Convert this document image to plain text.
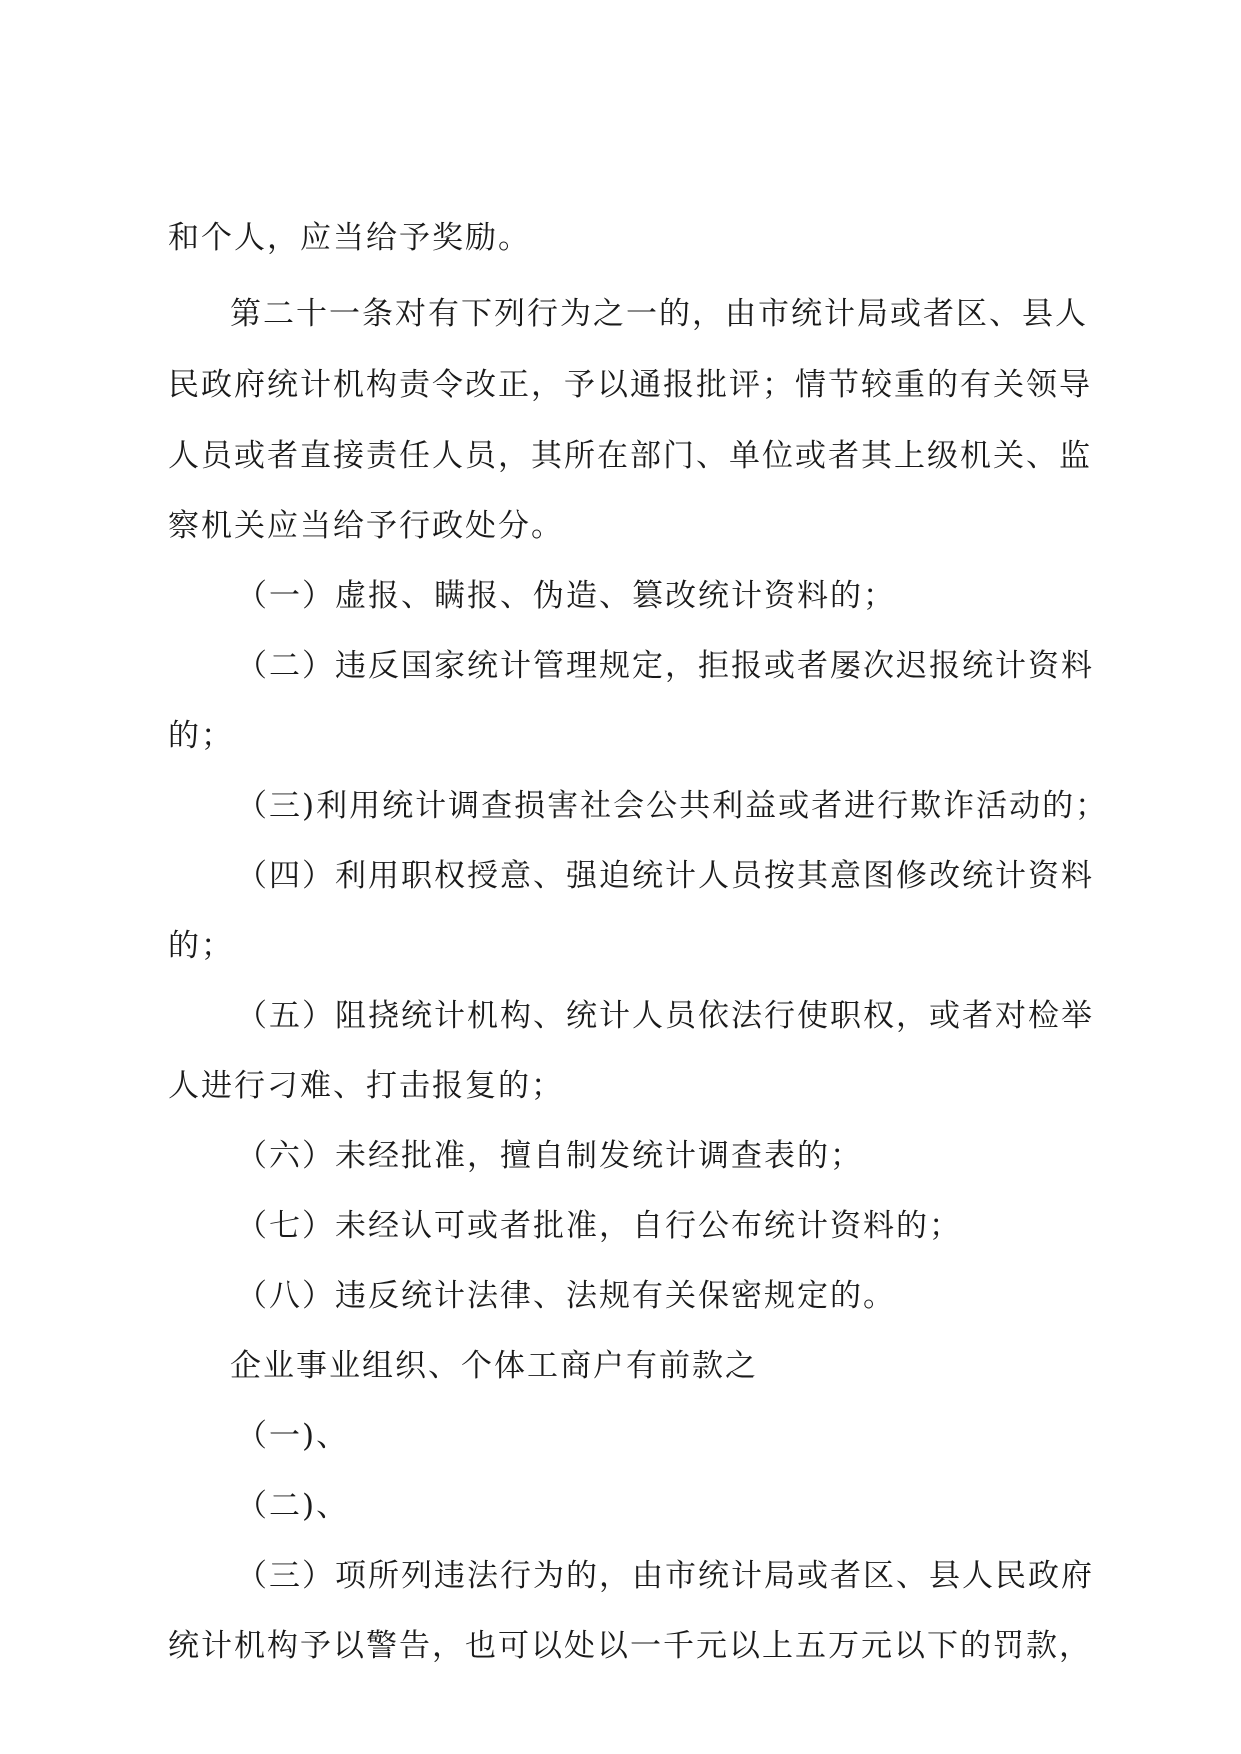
和个人，应当给予奖励。
第二十一条对有下列行为之一的，由市统计局或者区、县人
民政府统计机构责令改正，予以通报批评；情节较重的有关领导
人员或者直接责任人员，其所在部门、单位或者其上级机关、监
察机关应当给予行政处分。
（一）虚报、瞒报、伪造、篡改统计资料的；
（二）违反国家统计管理规定，拒报或者屡次迟报统计资料
的；
（三)利用统计调查损害社会公共利益或者进行欺诈活动的；
（四）利用职权授意、强迫统计人员按其意图修改统计资料
的；
（五）阻挠统计机构、统计人员依法行使职权，或者对检举
人进行刁难、打击报复的；
（六）未经批准，擅自制发统计调查表的；
（七）未经认可或者批准，自行公布统计资料的；
（八）违反统计法律、法规有关保密规定的。
企业事业组织、个体工商户有前款之
（一)、
（二)、
（三）项所列违法行为的，由市统计局或者区、县人民政府
统计机构予以警告，也可以处以一千元以上五万元以下的罚款，
